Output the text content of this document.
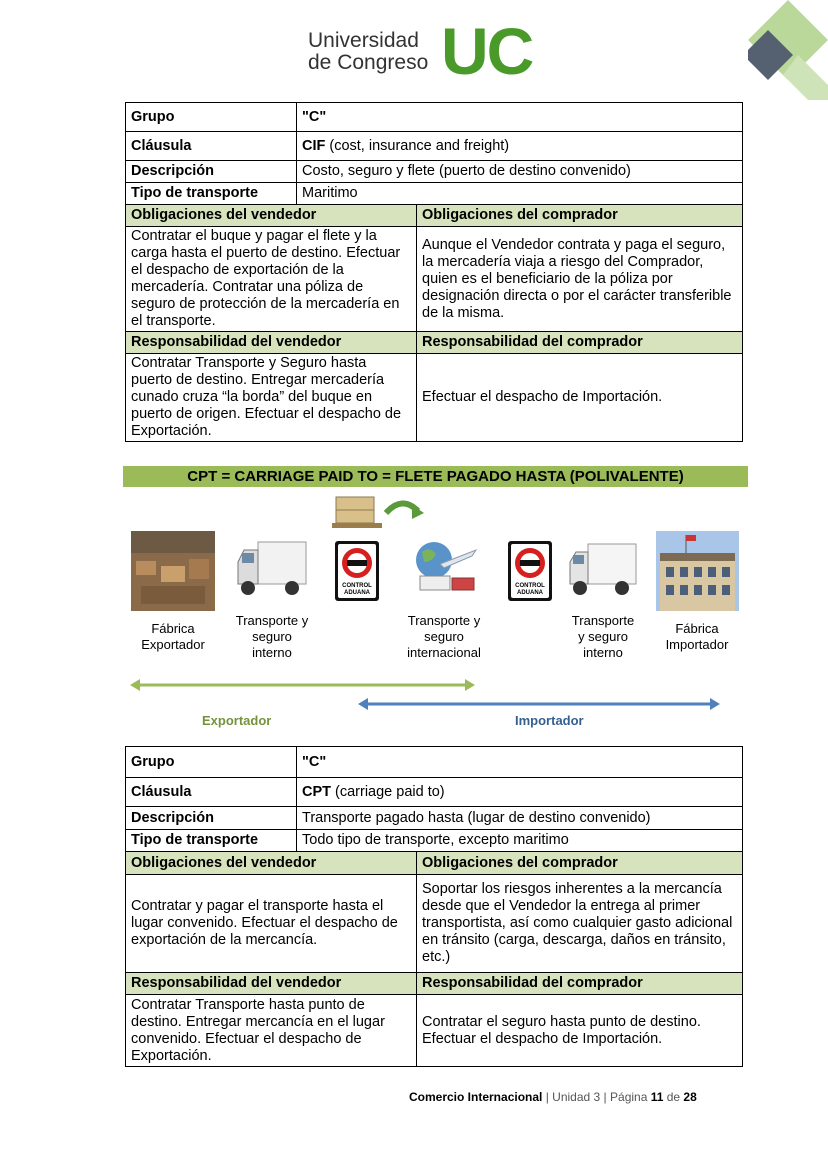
Universidad
de Congreso UC
Grupo	"C"	
Cláusula	CIF (cost, insurance and freight)	
Descripción	Costo, seguro y flete (puerto de destino convenido)	
Tipo de transporte	Maritimo	
Obligaciones del vendedor		Obligaciones del comprador
Contratar el buque y pagar el flete y la carga hasta el puerto de destino. Efectuar el despacho de exportación de la mercadería. Contratar una póliza de seguro de protección de la mercadería en el transporte.		Aunque el Vendedor contrata y paga el seguro, la mercadería viaja a riesgo del Comprador, quien es el beneficiario de la póliza por designación directa o por el carácter transferible de la misma.
Responsabilidad del vendedor		Responsabilidad del comprador
Contratar Transporte y Seguro hasta puerto de destino. Entregar mercadería cunado cruza “la borda” del buque en puerto de origen. Efectuar el despacho de Exportación.		Efectuar el despacho de Importación.
CPT = CARRIAGE PAID TO = FLETE PAGADO HASTA (POLIVALENTE)
CONTROL
ADUANA
CONTROL
ADUANA
Fábrica
Exportador
Transporte y
seguro
interno
Transporte y
seguro
internacional
Transporte
y seguro
interno
Fábrica
Importador
Exportador	Importador
Grupo	"C"	
Cláusula	CPT (carriage paid to)	
Descripción	Transporte pagado hasta (lugar de destino convenido)	
Tipo de transporte	Todo tipo de transporte, excepto maritimo	
Obligaciones del vendedor		Obligaciones del comprador
Contratar y pagar el transporte hasta el lugar convenido. Efectuar el despacho de exportación de la mercancía.		Soportar los riesgos inherentes a la mercancía desde que el Vendedor la entrega al primer transportista, así como cualquier gasto adicional en tránsito (carga, descarga, daños en tránsito, etc.)
Responsabilidad del vendedor		Responsabilidad del comprador
Contratar Transporte hasta punto de destino. Entregar mercancía en el lugar convenido. Efectuar el despacho de Exportación.		Contratar el seguro hasta punto de destino. Efectuar el despacho de Importación.
Comercio Internacional | Unidad 3 | Página 11 de 28
